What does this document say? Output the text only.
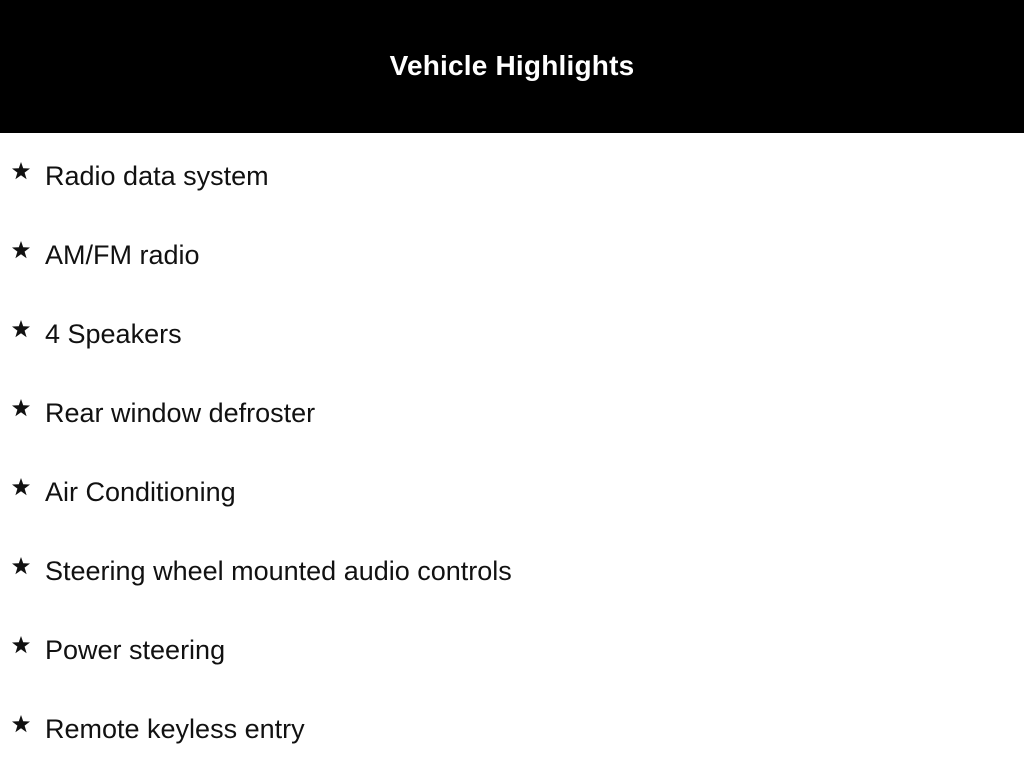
Vehicle Highlights
Radio data system
AM/FM radio
4 Speakers
Rear window defroster
Air Conditioning
Steering wheel mounted audio controls
Power steering
Remote keyless entry
